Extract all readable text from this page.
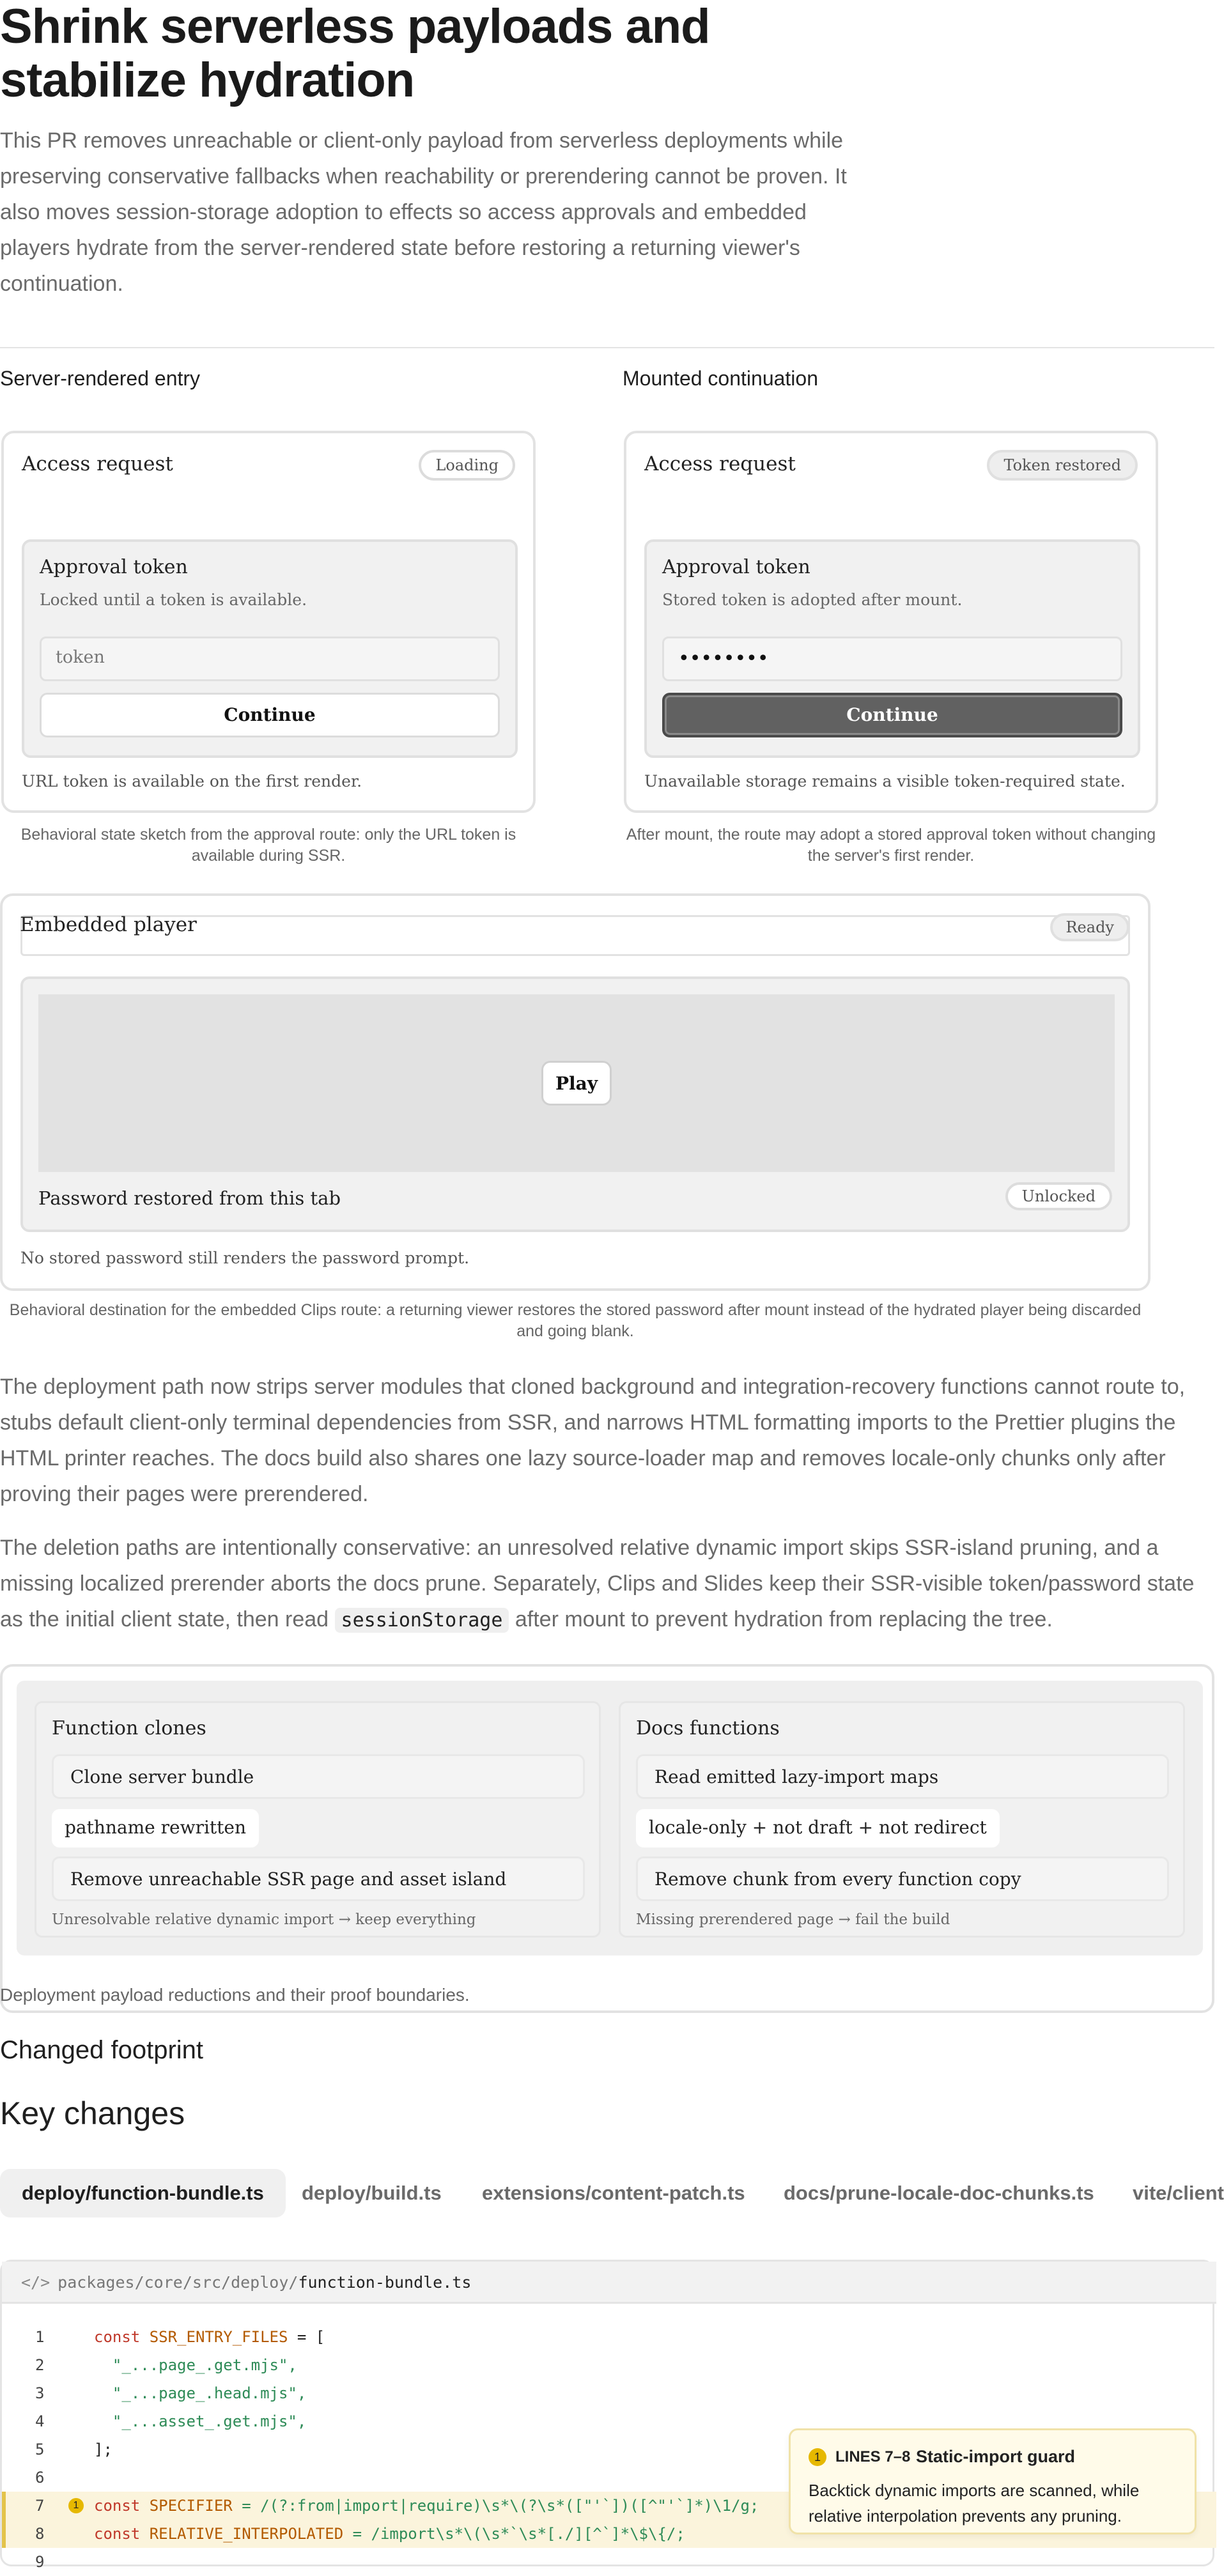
Shrink serverless payloads and stabilize hydration

This PR removes unreachable or client-only payload from serverless deployments while preserving conservative fallbacks when reachability or prerendering cannot be proven. It also moves session-storage adoption to effects so access approvals and embedded players hydrate from the server-rendered state before restoring a returning viewer's continuation.

Server-rendered entry	Mounted continuation
Access request	Loading
Approval token
Locked until a token is available.
token
Continue
URL token is available on the first render.
Behavioral state sketch from the approval route: only the URL token is available during SSR.
Access request	Token restored
Approval token
Stored token is adopted after mount.
••••••••
Continue
Unavailable storage remains a visible token-required state.
After mount, the route may adopt a stored approval token without changing the server's first render.
Embedded player	Ready
Play
Password restored from this tab	Unlocked
No stored password still renders the password prompt.
Behavioral destination for the embedded Clips route: a returning viewer restores the stored password after mount instead of the hydrated player being discarded and going blank.

The deployment path now strips server modules that cloned background and integration-recovery functions cannot route to, stubs default client-only terminal dependencies from SSR, and narrows HTML formatting imports to the Prettier plugins the HTML printer reaches. The docs build also shares one lazy source-loader map and removes locale-only chunks only after proving their pages were prerendered.

The deletion paths are intentionally conservative: an unresolved relative dynamic import skips SSR-island pruning, and a missing localized prerender aborts the docs prune. Separately, Clips and Slides keep their SSR-visible token/password state as the initial client state, then read sessionStorage after mount to prevent hydration from replacing the tree.

Function clones
Clone server bundle
pathname rewritten
Remove unreachable SSR page and asset island
Unresolvable relative dynamic import → keep everything
Docs functions
Read emitted lazy-import maps
locale-only + not draft + not redirect
Remove chunk from every function copy
Missing prerendered page → fail the build
Deployment payload reductions and their proof boundaries.
Changed footprint
Key changes
deploy/function-bundle.ts	deploy/build.ts	extensions/content-patch.ts	docs/prune-locale-doc-chunks.ts	vite/client
</> packages/core/src/deploy/function-bundle.ts
1	const SSR_ENTRY_FILES = [
2	"_...page_.get.mjs",
3	"_...page_.head.mjs",
4	"_...asset_.get.mjs",
5	];
6
7	1 const SPECIFIER = /(?:from|import|require)\s*\(?\s*(["'`])([^"'`]*)\1/g;
8	const RELATIVE_INTERPOLATED = /import\s*\(\s*`\s*[./][^`]*\$\{/;
9
1 LINES 7–8 Static-import guard
Backtick dynamic imports are scanned, while relative interpolation prevents any pruning.
